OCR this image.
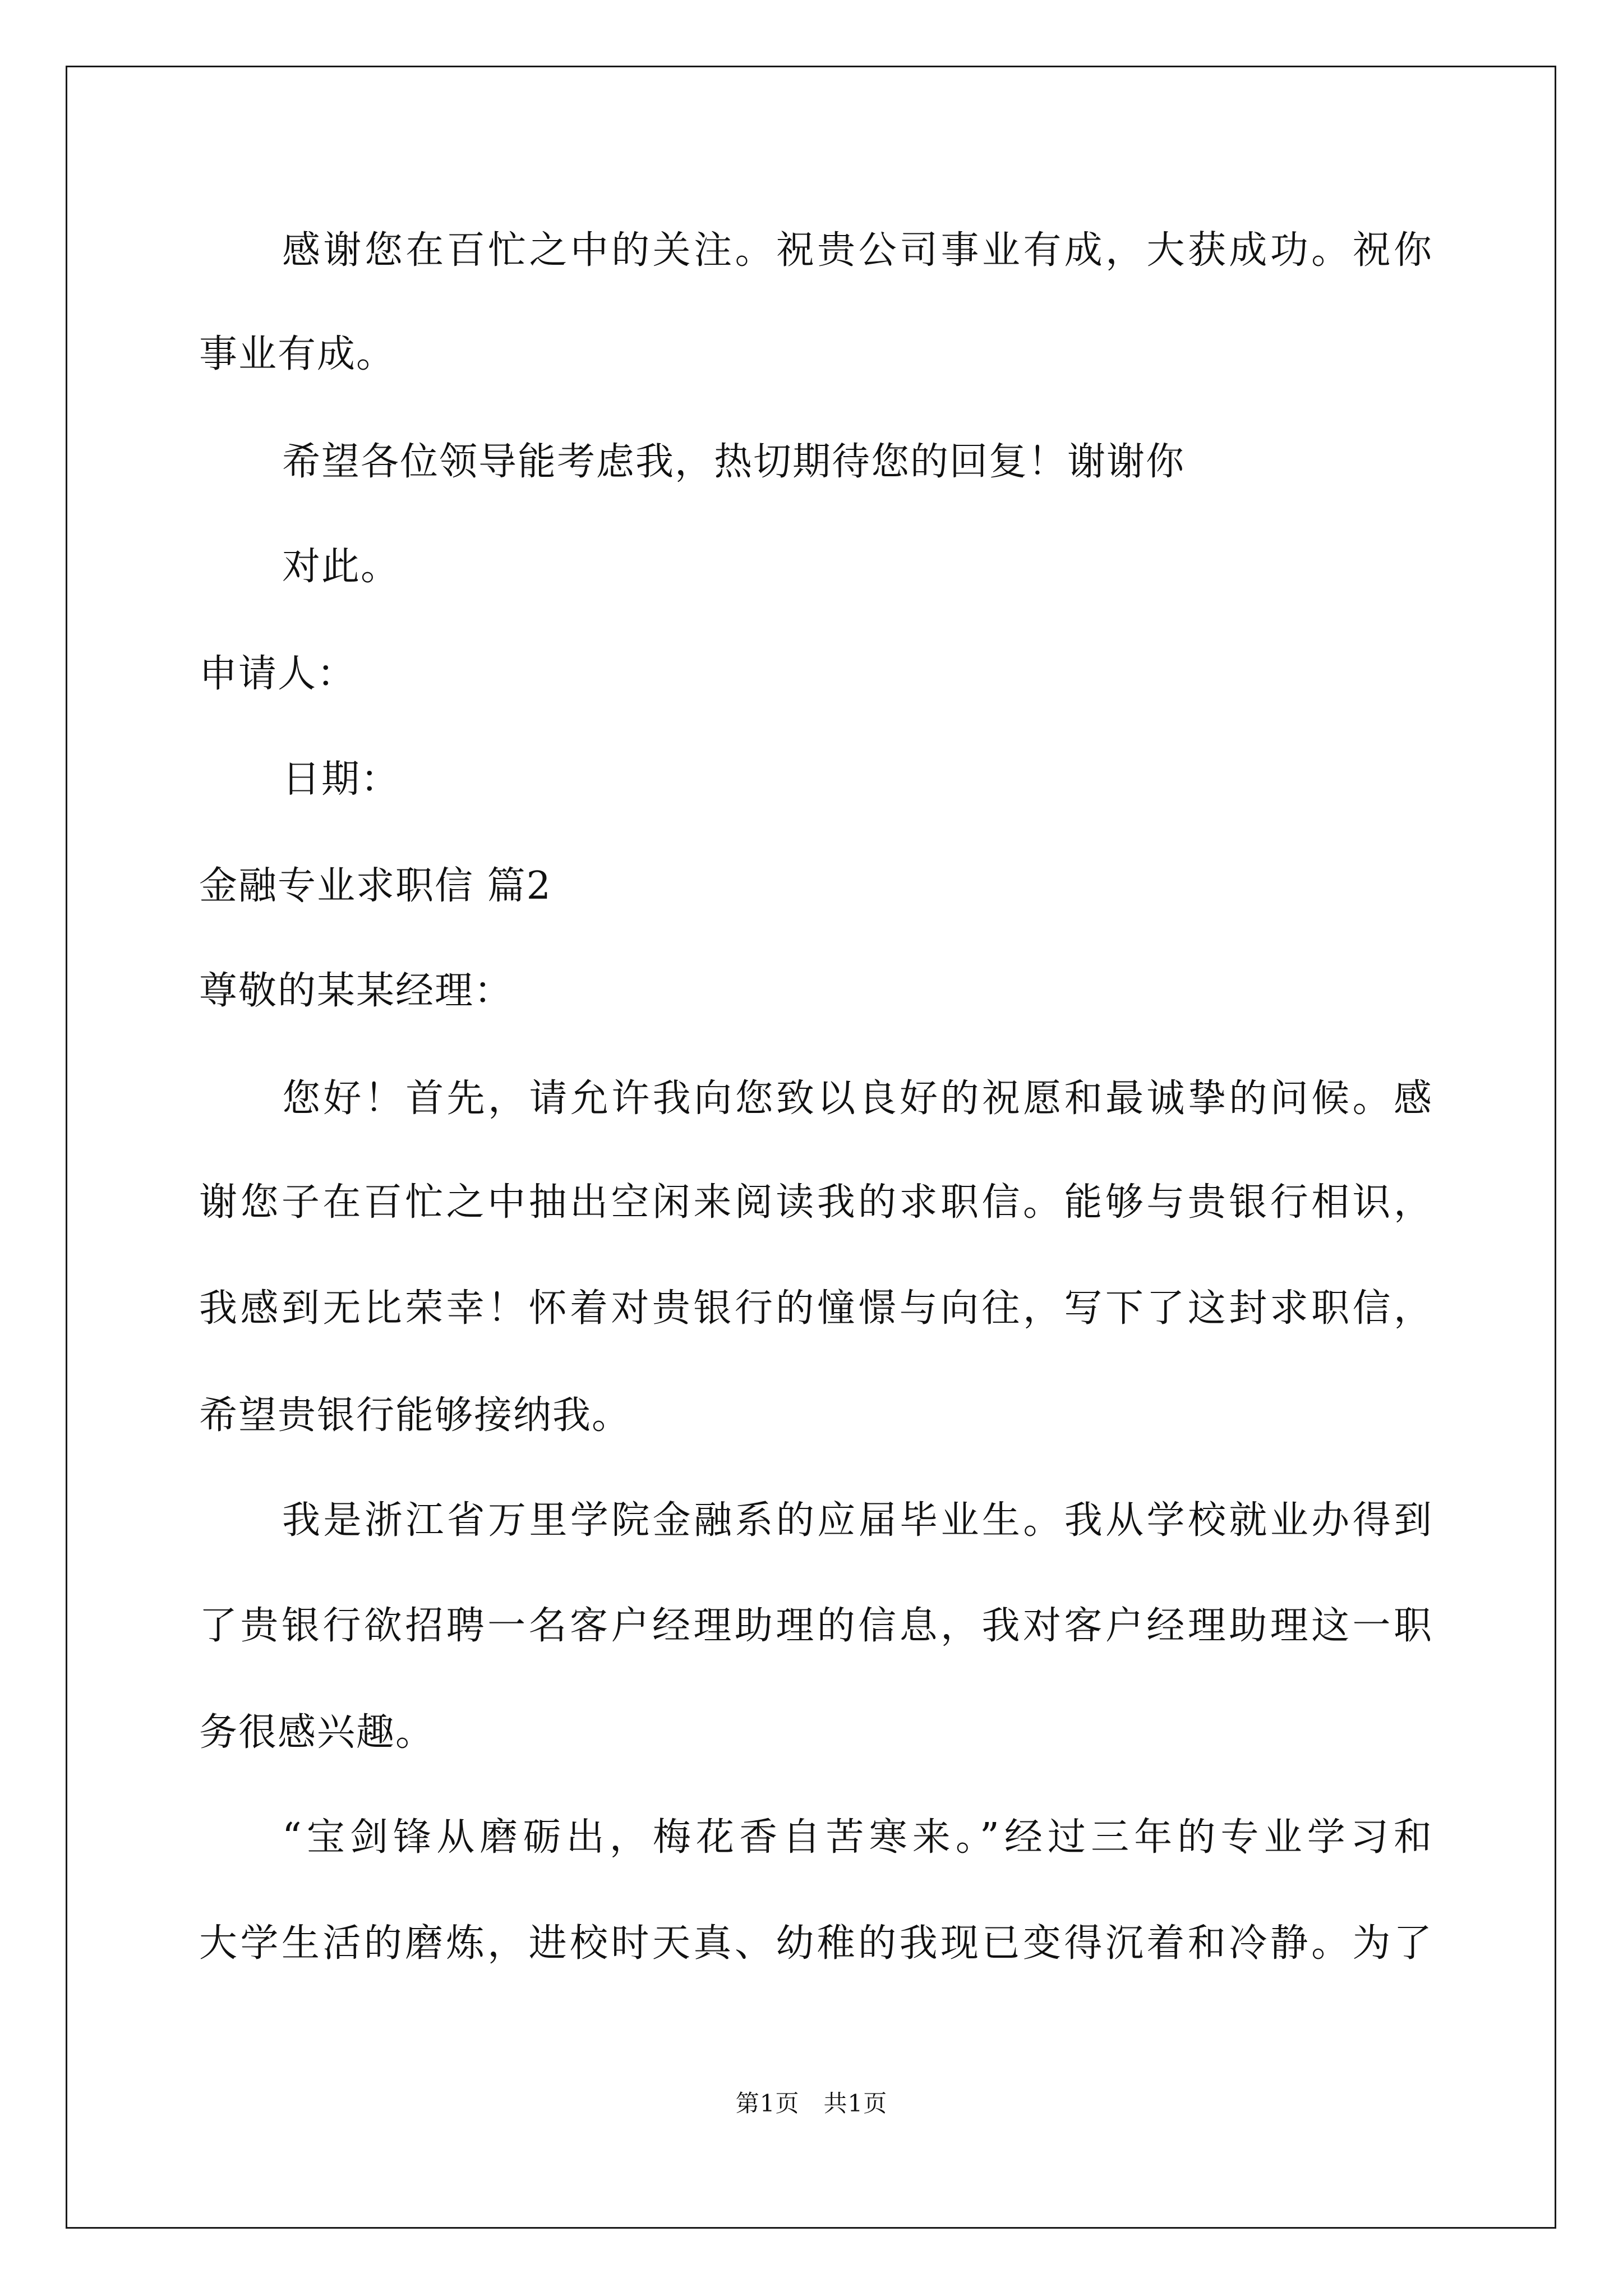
感谢您在百忙之中的关注。祝贵公司事业有成，大获成功。祝你
事业有成。
希望各位领导能考虑我，热切期待您的回复！谢谢你
对此。
申请人：
日期：
金融专业求职信 篇2
尊敬的某某经理：
您好！首先，请允许我向您致以良好的祝愿和最诚挚的问候。感
谢您子在百忙之中抽出空闲来阅读我的求职信。能够与贵银行相识，
我感到无比荣幸！怀着对贵银行的憧憬与向往，写下了这封求职信，
希望贵银行能够接纳我。
我是浙江省万里学院金融系的应届毕业生。我从学校就业办得到
了贵银行欲招聘一名客户经理助理的信息，我对客户经理助理这一职
务很感兴趣。
“宝剑锋从磨砺出，梅花香自苦寒来。”经过三年的专业学习和
大学生活的磨炼，进校时天真、幼稚的我现已变得沉着和冷静。为了
第1页　共1页
